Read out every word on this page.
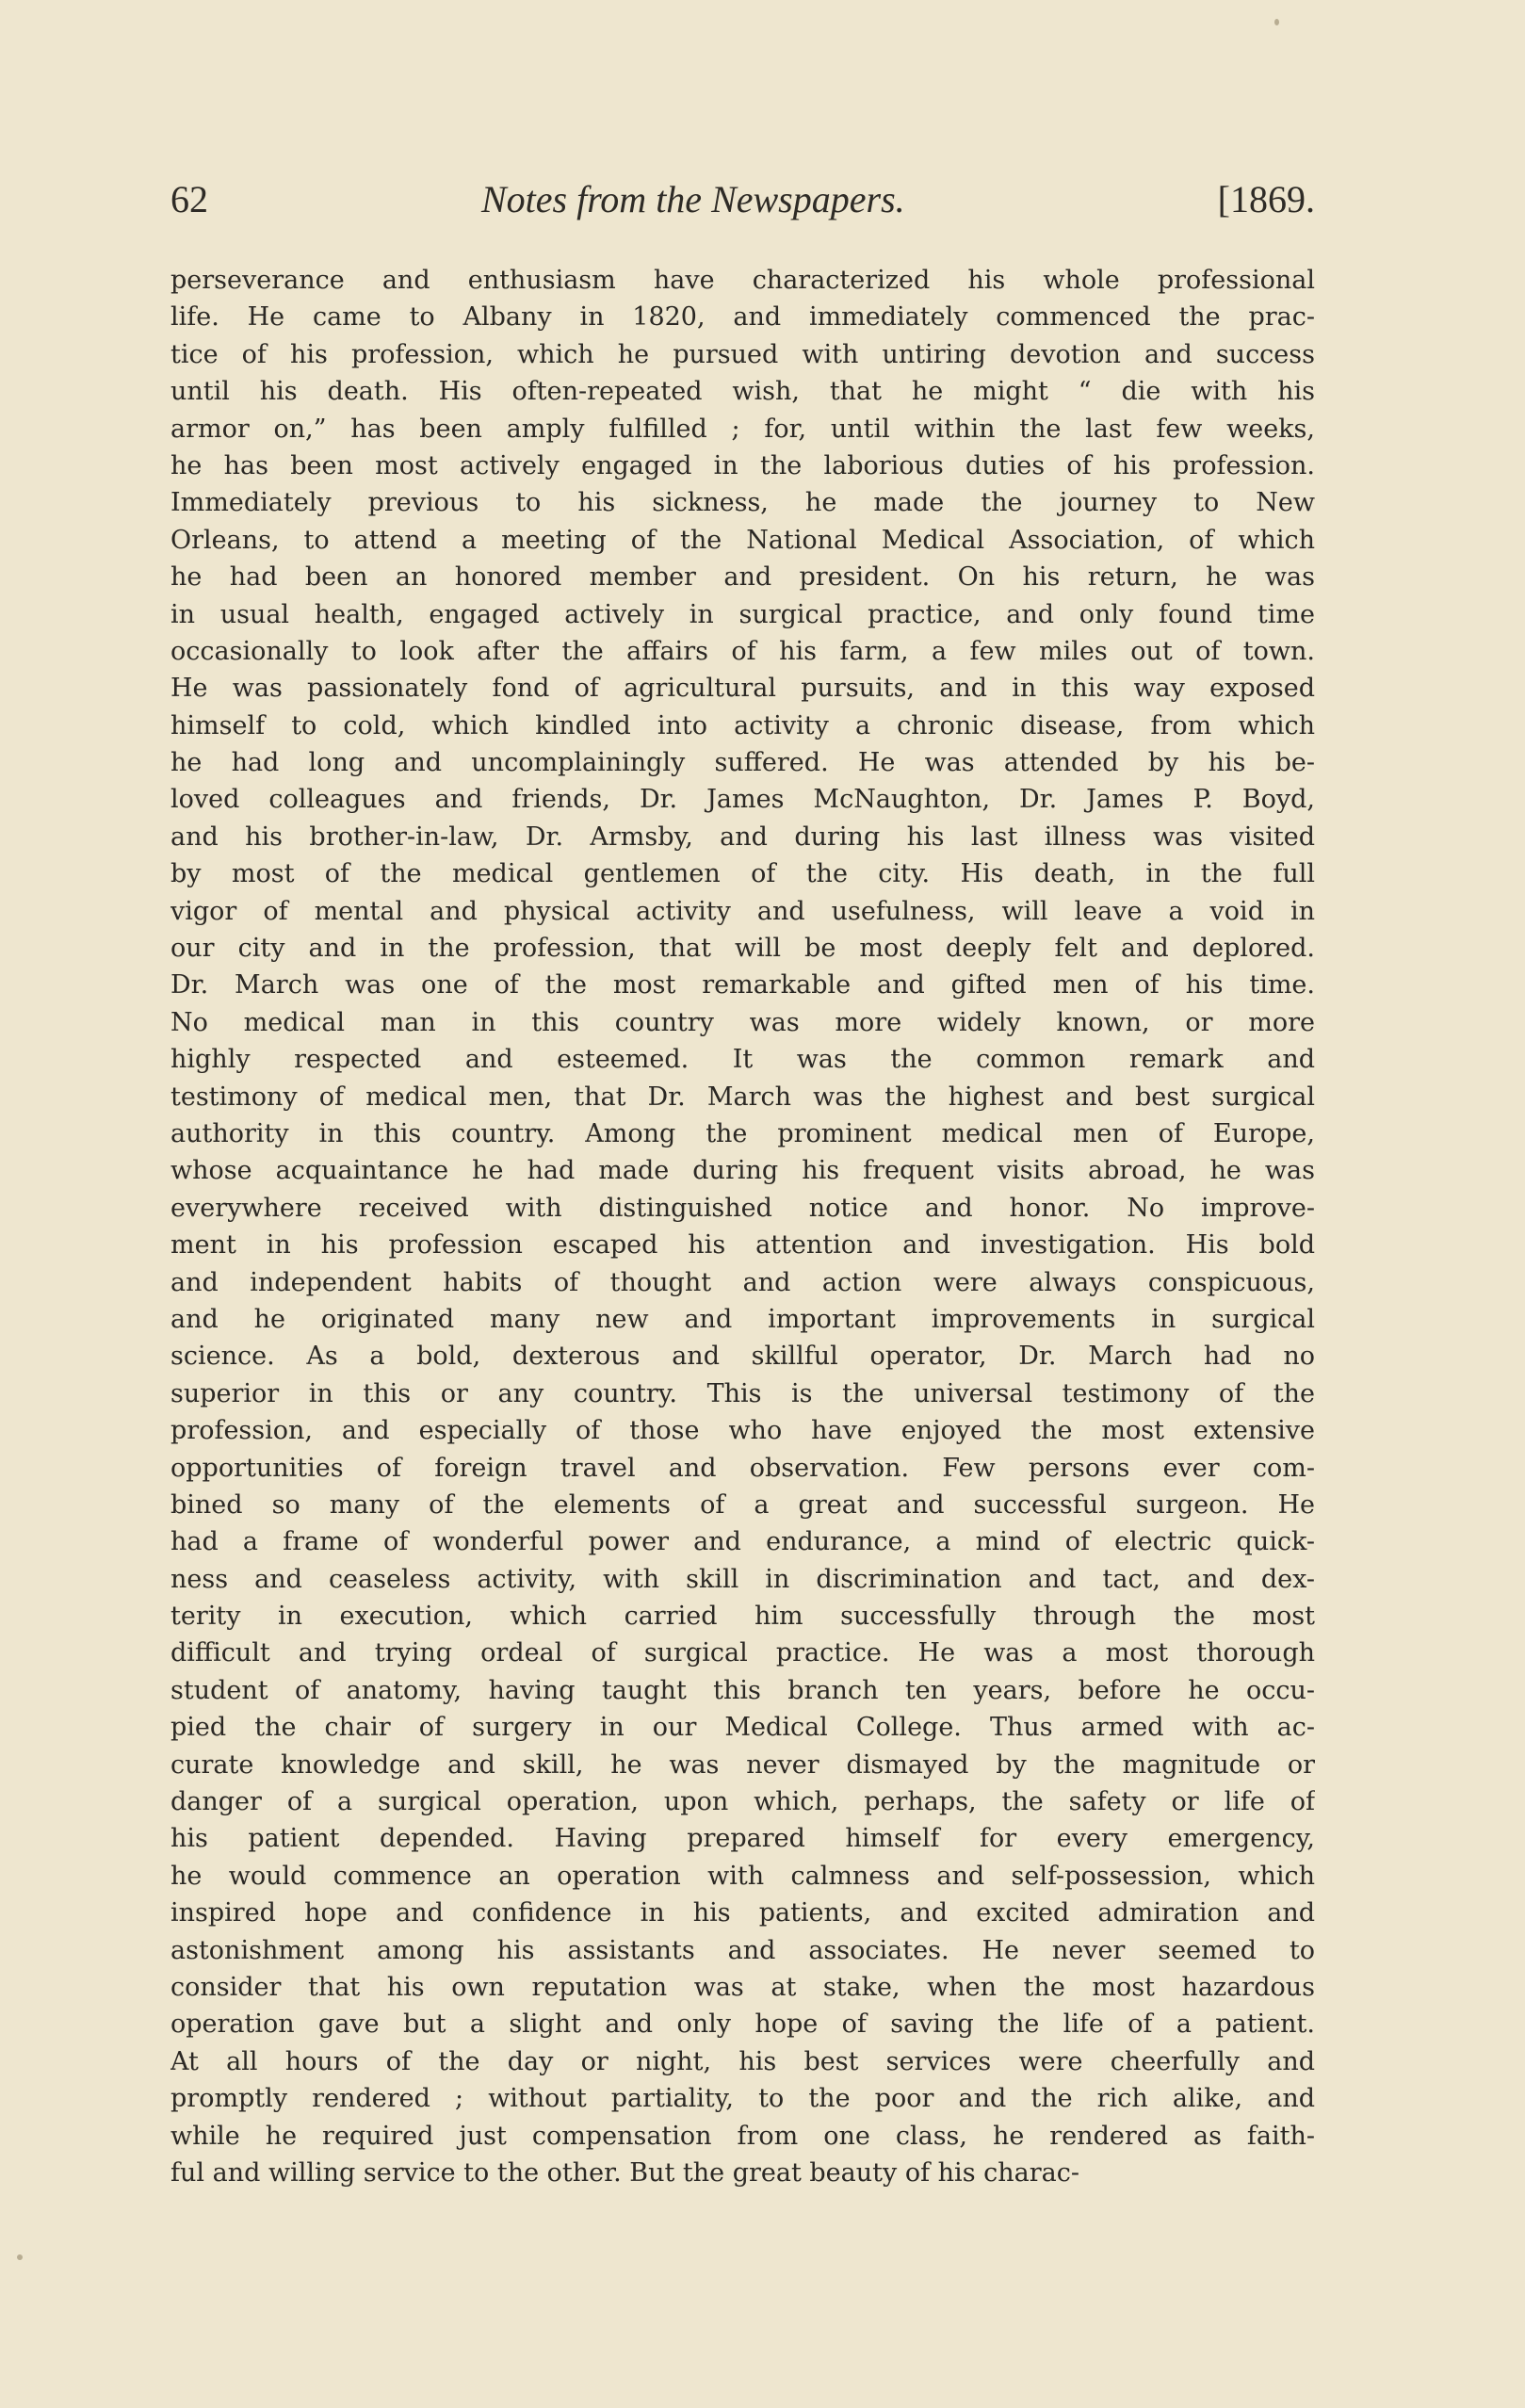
62	Notes from the Newspapers.	[1869.
perseverance and enthusiasm have characterized his whole professional
life. He came to Albany in 1820, and immediately commenced the prac-
tice of his profession, which he pursued with untiring devotion and success
until his death. His often-repeated wish, that he might “ die with his
armor on,” has been amply fulfilled ; for, until within the last few weeks,
he has been most actively engaged in the laborious duties of his profession.
Immediately previous to his sickness, he made the journey to New
Orleans, to attend a meeting of the National Medical Association, of which
he had been an honored member and president. On his return, he was
in usual health, engaged actively in surgical practice, and only found time
occasionally to look after the affairs of his farm, a few miles out of town.
He was passionately fond of agricultural pursuits, and in this way exposed
himself to cold, which kindled into activity a chronic disease, from which
he had long and uncomplainingly suffered. He was attended by his be-
loved colleagues and friends, Dr. James McNaughton, Dr. James P. Boyd,
and his brother-in-law, Dr. Armsby, and during his last illness was visited
by most of the medical gentlemen of the city. His death, in the full
vigor of mental and physical activity and usefulness, will leave a void in
our city and in the profession, that will be most deeply felt and deplored.
Dr. March was one of the most remarkable and gifted men of his time.
No medical man in this country was more widely known, or more
highly respected and esteemed. It was the common remark and
testimony of medical men, that Dr. March was the highest and best surgical
authority in this country. Among the prominent medical men of Europe,
whose acquaintance he had made during his frequent visits abroad, he was
everywhere received with distinguished notice and honor. No improve-
ment in his profession escaped his attention and investigation. His bold
and independent habits of thought and action were always conspicuous,
and he originated many new and important improvements in surgical
science. As a bold, dexterous and skillful operator, Dr. March had no
superior in this or any country. This is the universal testimony of the
profession, and especially of those who have enjoyed the most extensive
opportunities of foreign travel and observation. Few persons ever com-
bined so many of the elements of a great and successful surgeon. He
had a frame of wonderful power and endurance, a mind of electric quick-
ness and ceaseless activity, with skill in discrimination and tact, and dex-
terity in execution, which carried him successfully through the most
difficult and trying ordeal of surgical practice. He was a most thorough
student of anatomy, having taught this branch ten years, before he occu-
pied the chair of surgery in our Medical College. Thus armed with ac-
curate knowledge and skill, he was never dismayed by the magnitude or
danger of a surgical operation, upon which, perhaps, the safety or life of
his patient depended. Having prepared himself for every emergency,
he would commence an operation with calmness and self-possession, which
inspired hope and confidence in his patients, and excited admiration and
astonishment among his assistants and associates. He never seemed to
consider that his own reputation was at stake, when the most hazardous
operation gave but a slight and only hope of saving the life of a patient.
At all hours of the day or night, his best services were cheerfully and
promptly rendered ; without partiality, to the poor and the rich alike, and
while he required just compensation from one class, he rendered as faith-
ful and willing service to the other. But the great beauty of his charac-
